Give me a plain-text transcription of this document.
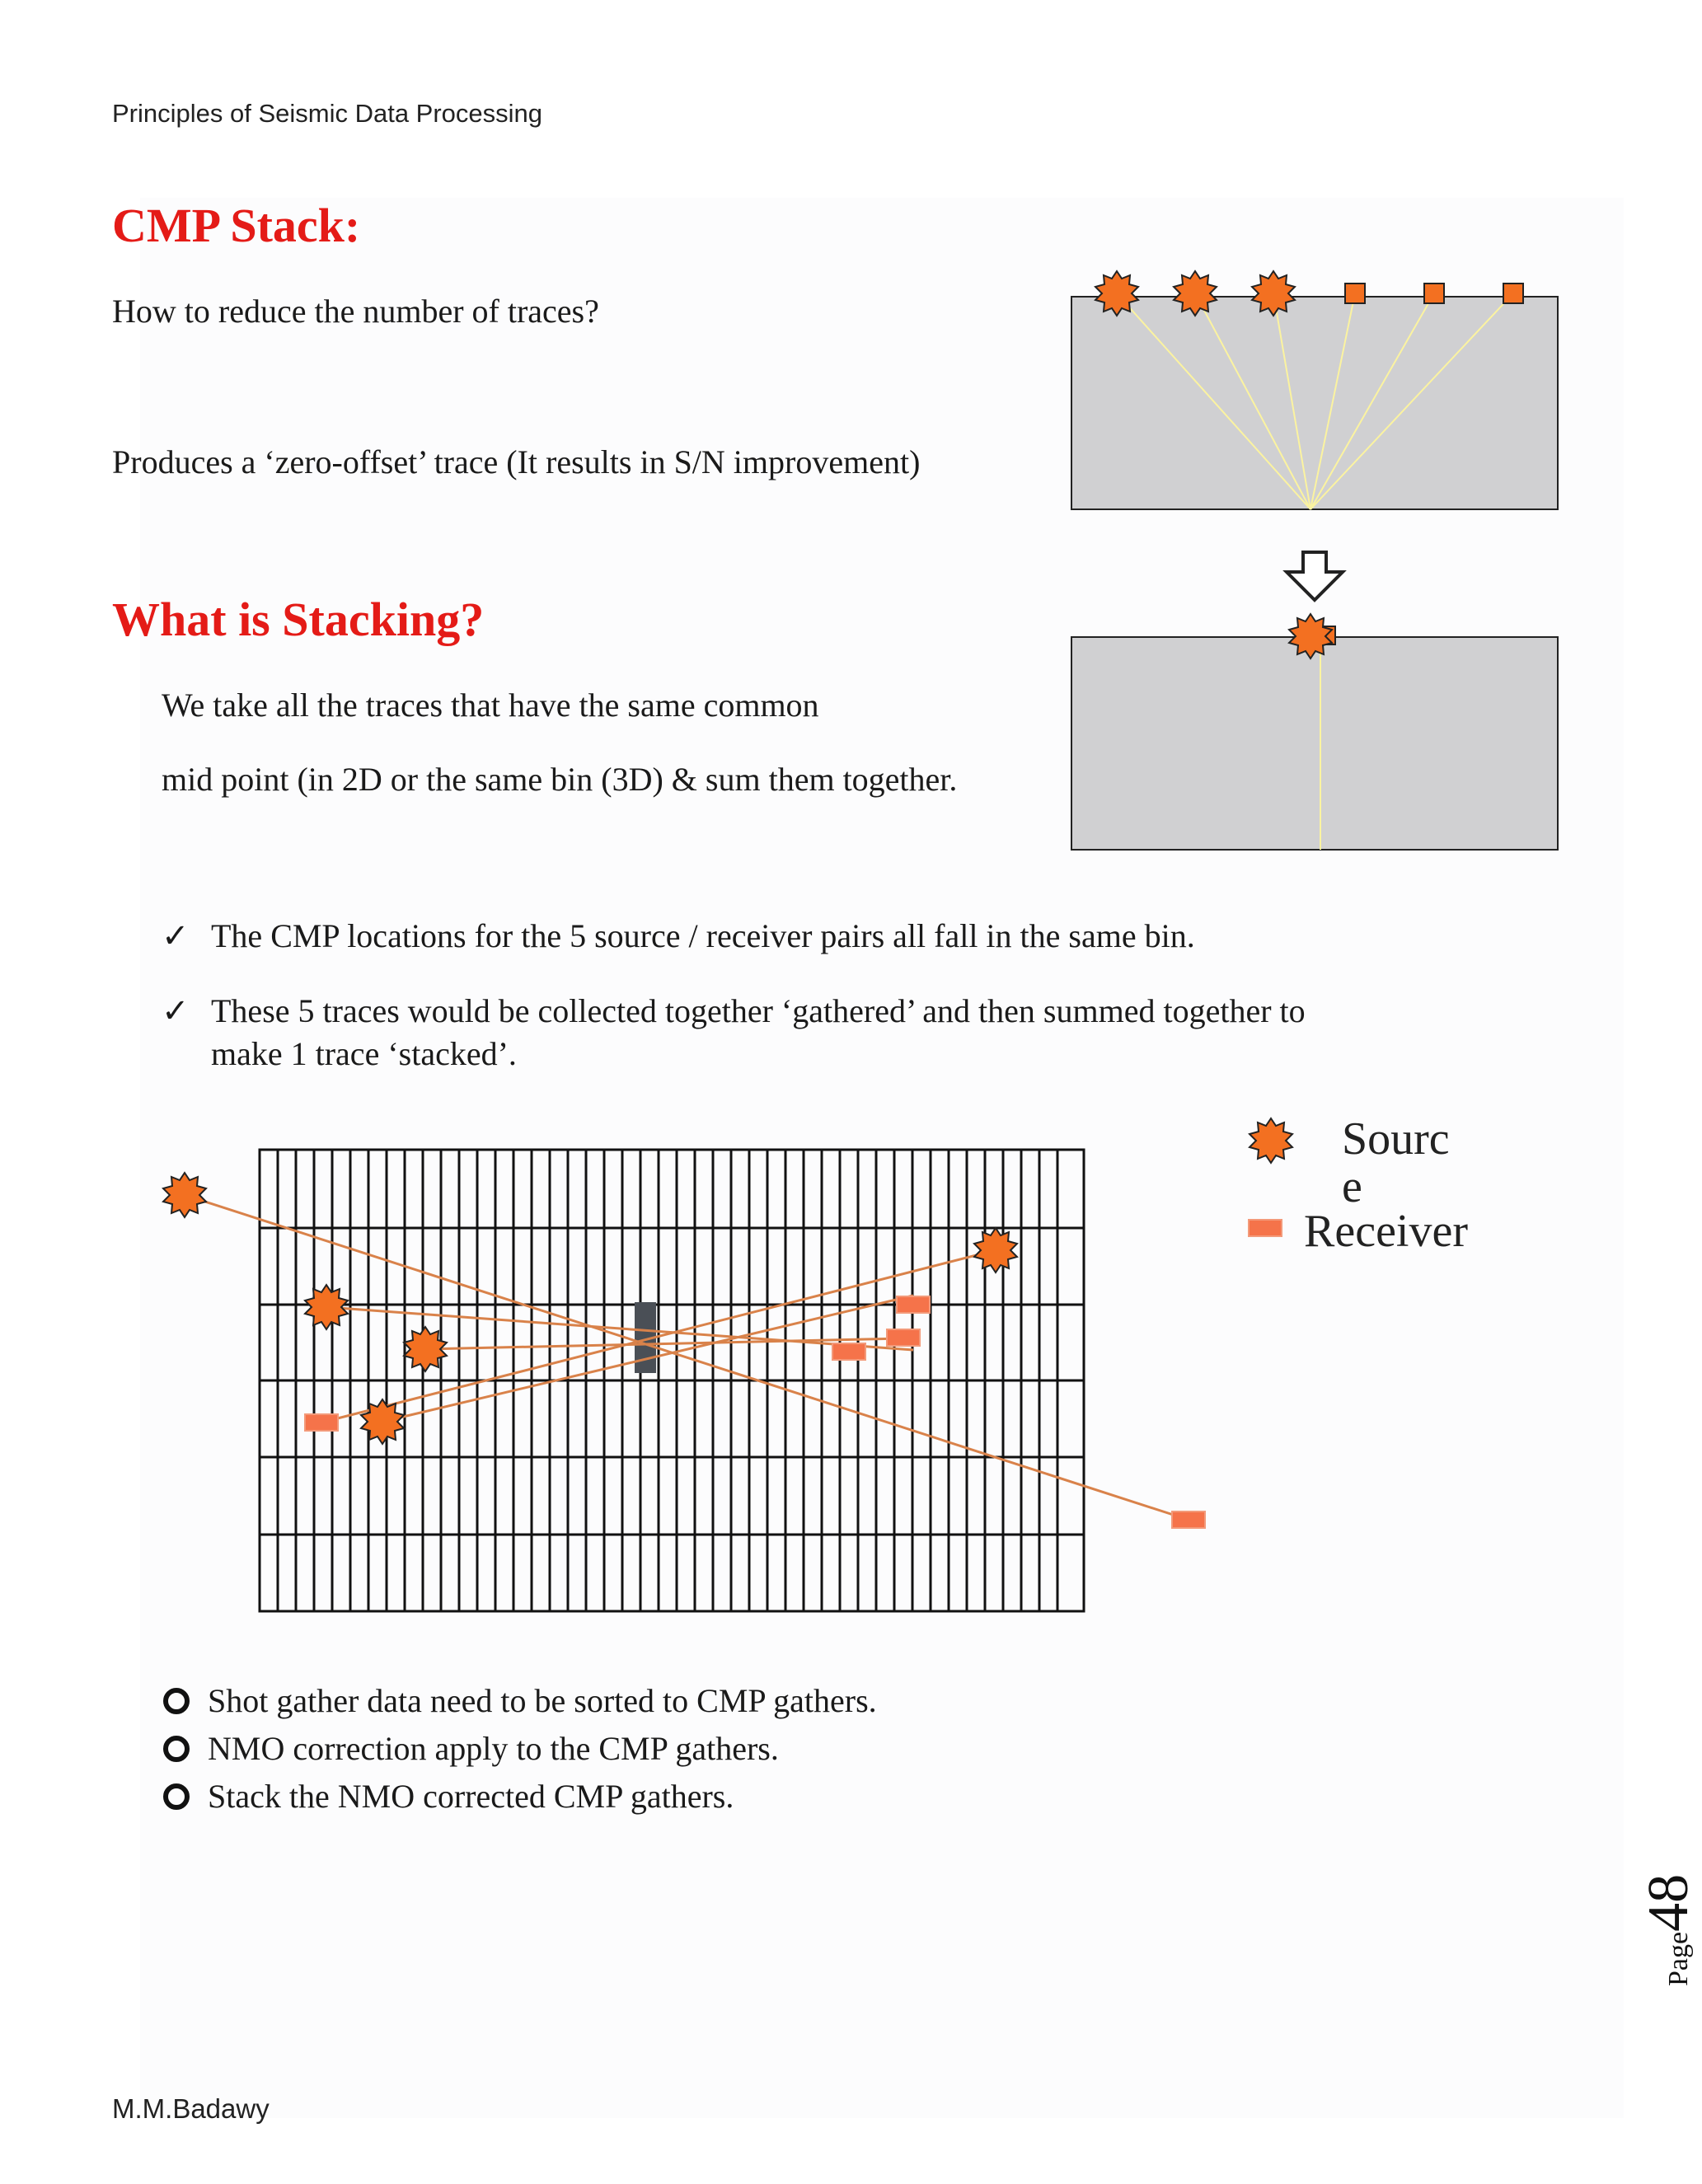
Principles of Seismic Data Processing
CMP Stack:
How to reduce the number of traces?
Produces a ‘zero-offset’ trace (It results in S/N improvement)
What is Stacking?
We take all the traces that have the same common
mid point (in 2D or the same bin (3D) & sum them together.
✓ The CMP locations for the 5 source / receiver pairs all fall in the same bin.
✓ These 5 traces would be collected together ‘gathered’ and then summed together to
make 1 trace ‘stacked’.
Sourc
e
Receiver
Shot gather data need to be sorted to CMP gathers.
NMO correction apply to the CMP gathers.
Stack the NMO corrected CMP gathers.
Page48
M.M.Badawy
